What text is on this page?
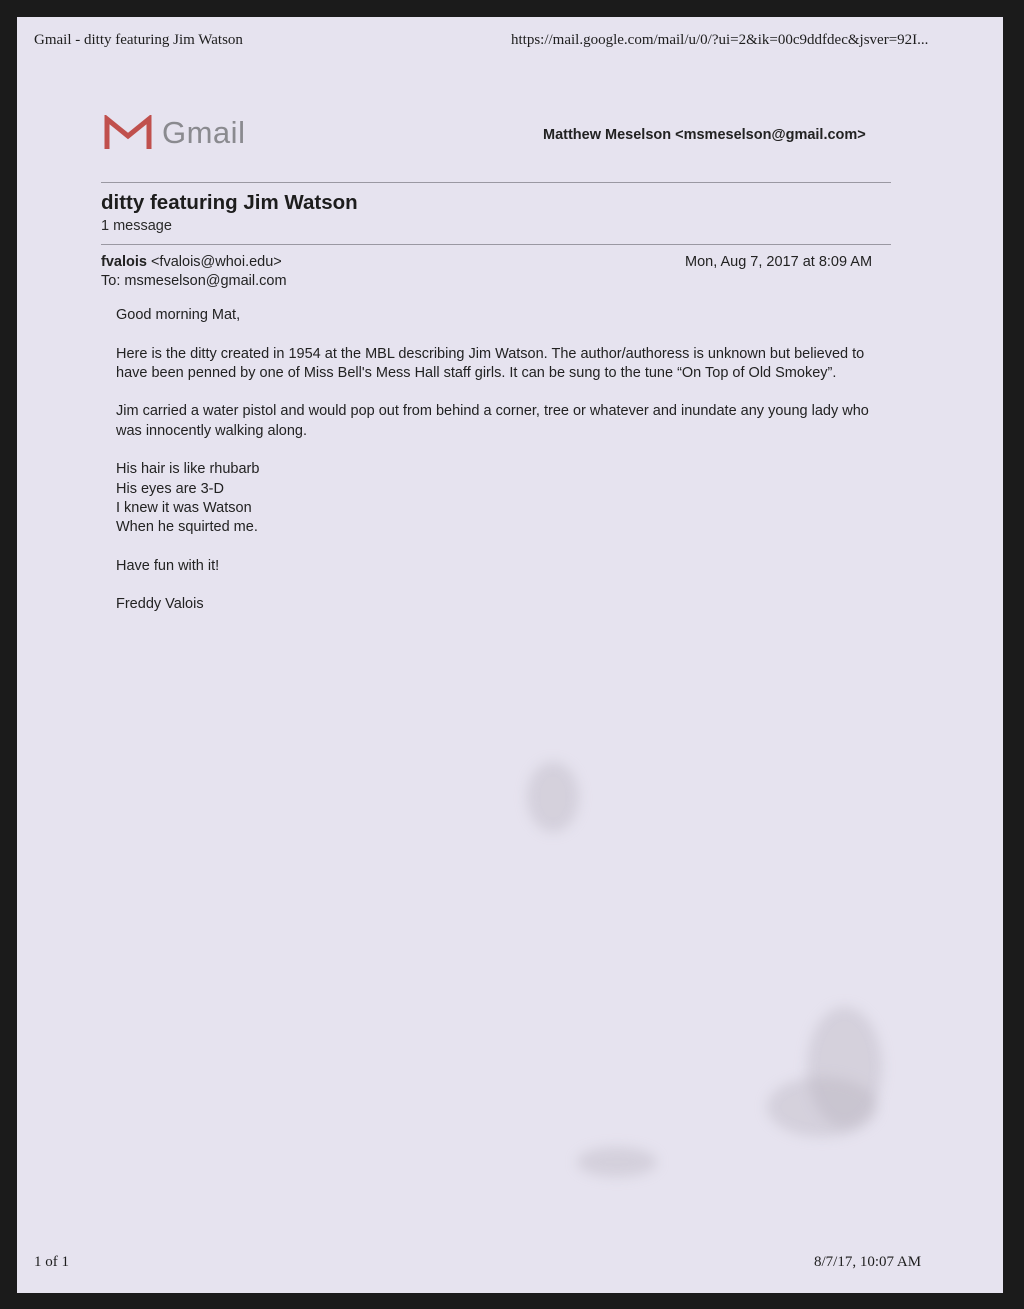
Gmail - ditty featuring Jim Watson	https://mail.google.com/mail/u/0/?ui=2&ik=00c9ddfdec&jsver=92I...
Gmail	Matthew Meselson <msmeselson@gmail.com>
ditty featuring Jim Watson
1 message
fvalois <fvalois@whoi.edu>	Mon, Aug 7, 2017 at 8:09 AM
To: msmeselson@gmail.com

Good morning Mat,

Here is the ditty created in 1954 at the MBL describing Jim Watson. The author/authoress is unknown but believed to have been penned by one of Miss Bell's Mess Hall staff girls. It can be sung to the tune “On Top of Old Smokey”.

Jim carried a water pistol and would pop out from behind a corner, tree or whatever and inundate any young lady who was innocently walking along.

His hair is like rhubarb
His eyes are 3-D
I knew it was Watson
When he squirted me.

Have fun with it!

Freddy Valois

1 of 1	8/7/17, 10:07 AM
